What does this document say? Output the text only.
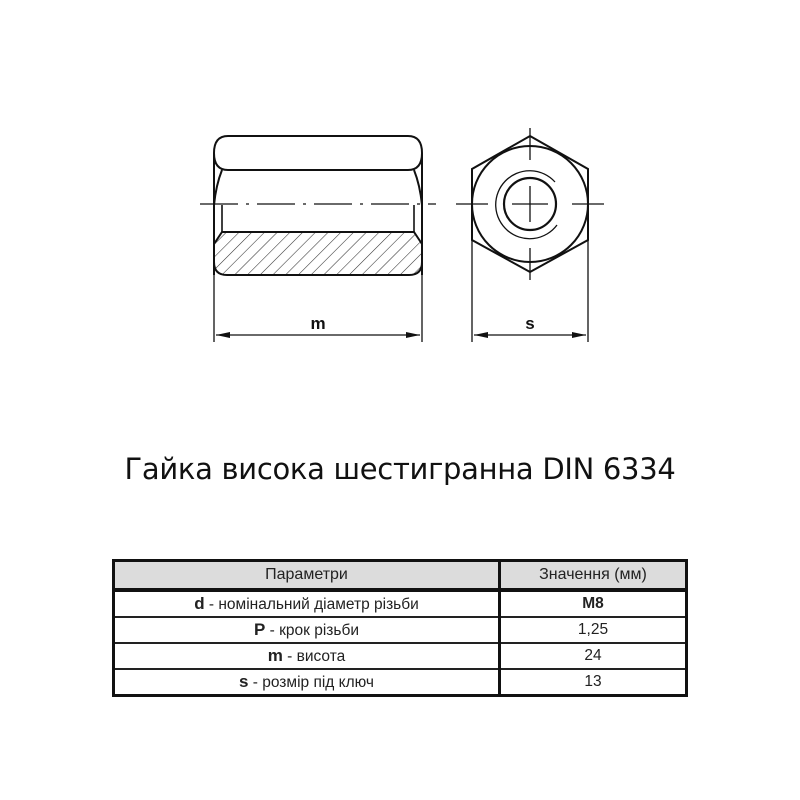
m	s
Гайка висока шестигранна DIN 6334
Параметри	Значення (мм)
d - номінальний діаметр різьби	M8
P - крок різьби	1,25
m - висота	24
s - розмір під ключ	13
